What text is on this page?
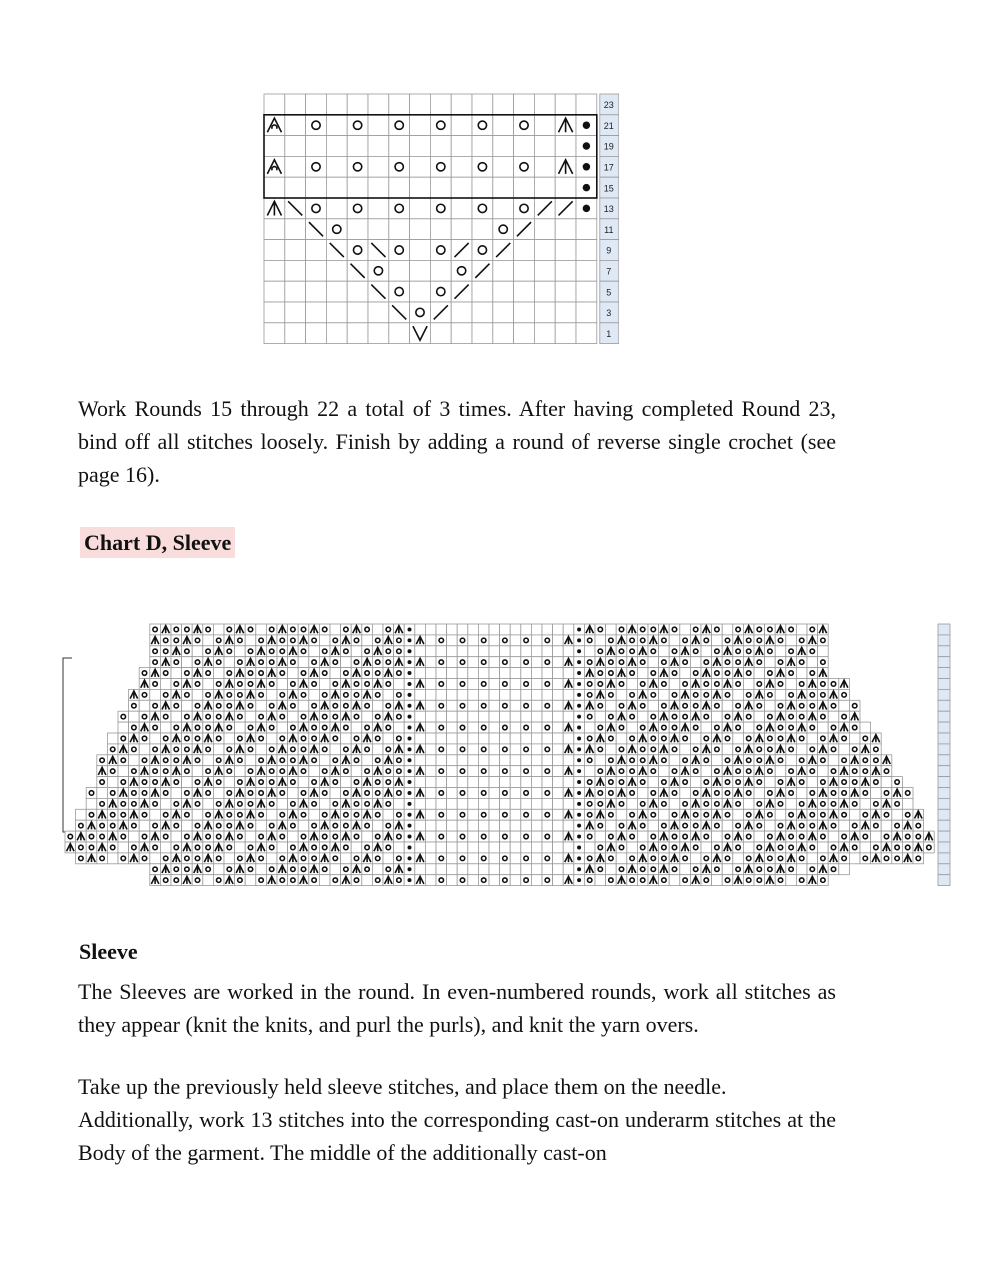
23
21
19
17
15
13
11
9
7
5
3
1

Work Rounds 15 through 22 a total of 3 times. After having completed Round 23, bind off all stitches loosely. Finish by adding a round of reverse single crochet (see page 16).

Chart D, Sleeve
Sleeve

The Sleeves are worked in the round. In even-numbered rounds, work all stitches as they appear (knit the knits, and purl the purls), and knit the yarn overs.

Take up the previously held sleeve stitches, and place them on the needle.

Additionally, work 13 stitches into the corresponding cast-on underarm stitches at the Body of the garment. The middle of the additionally cast-on
